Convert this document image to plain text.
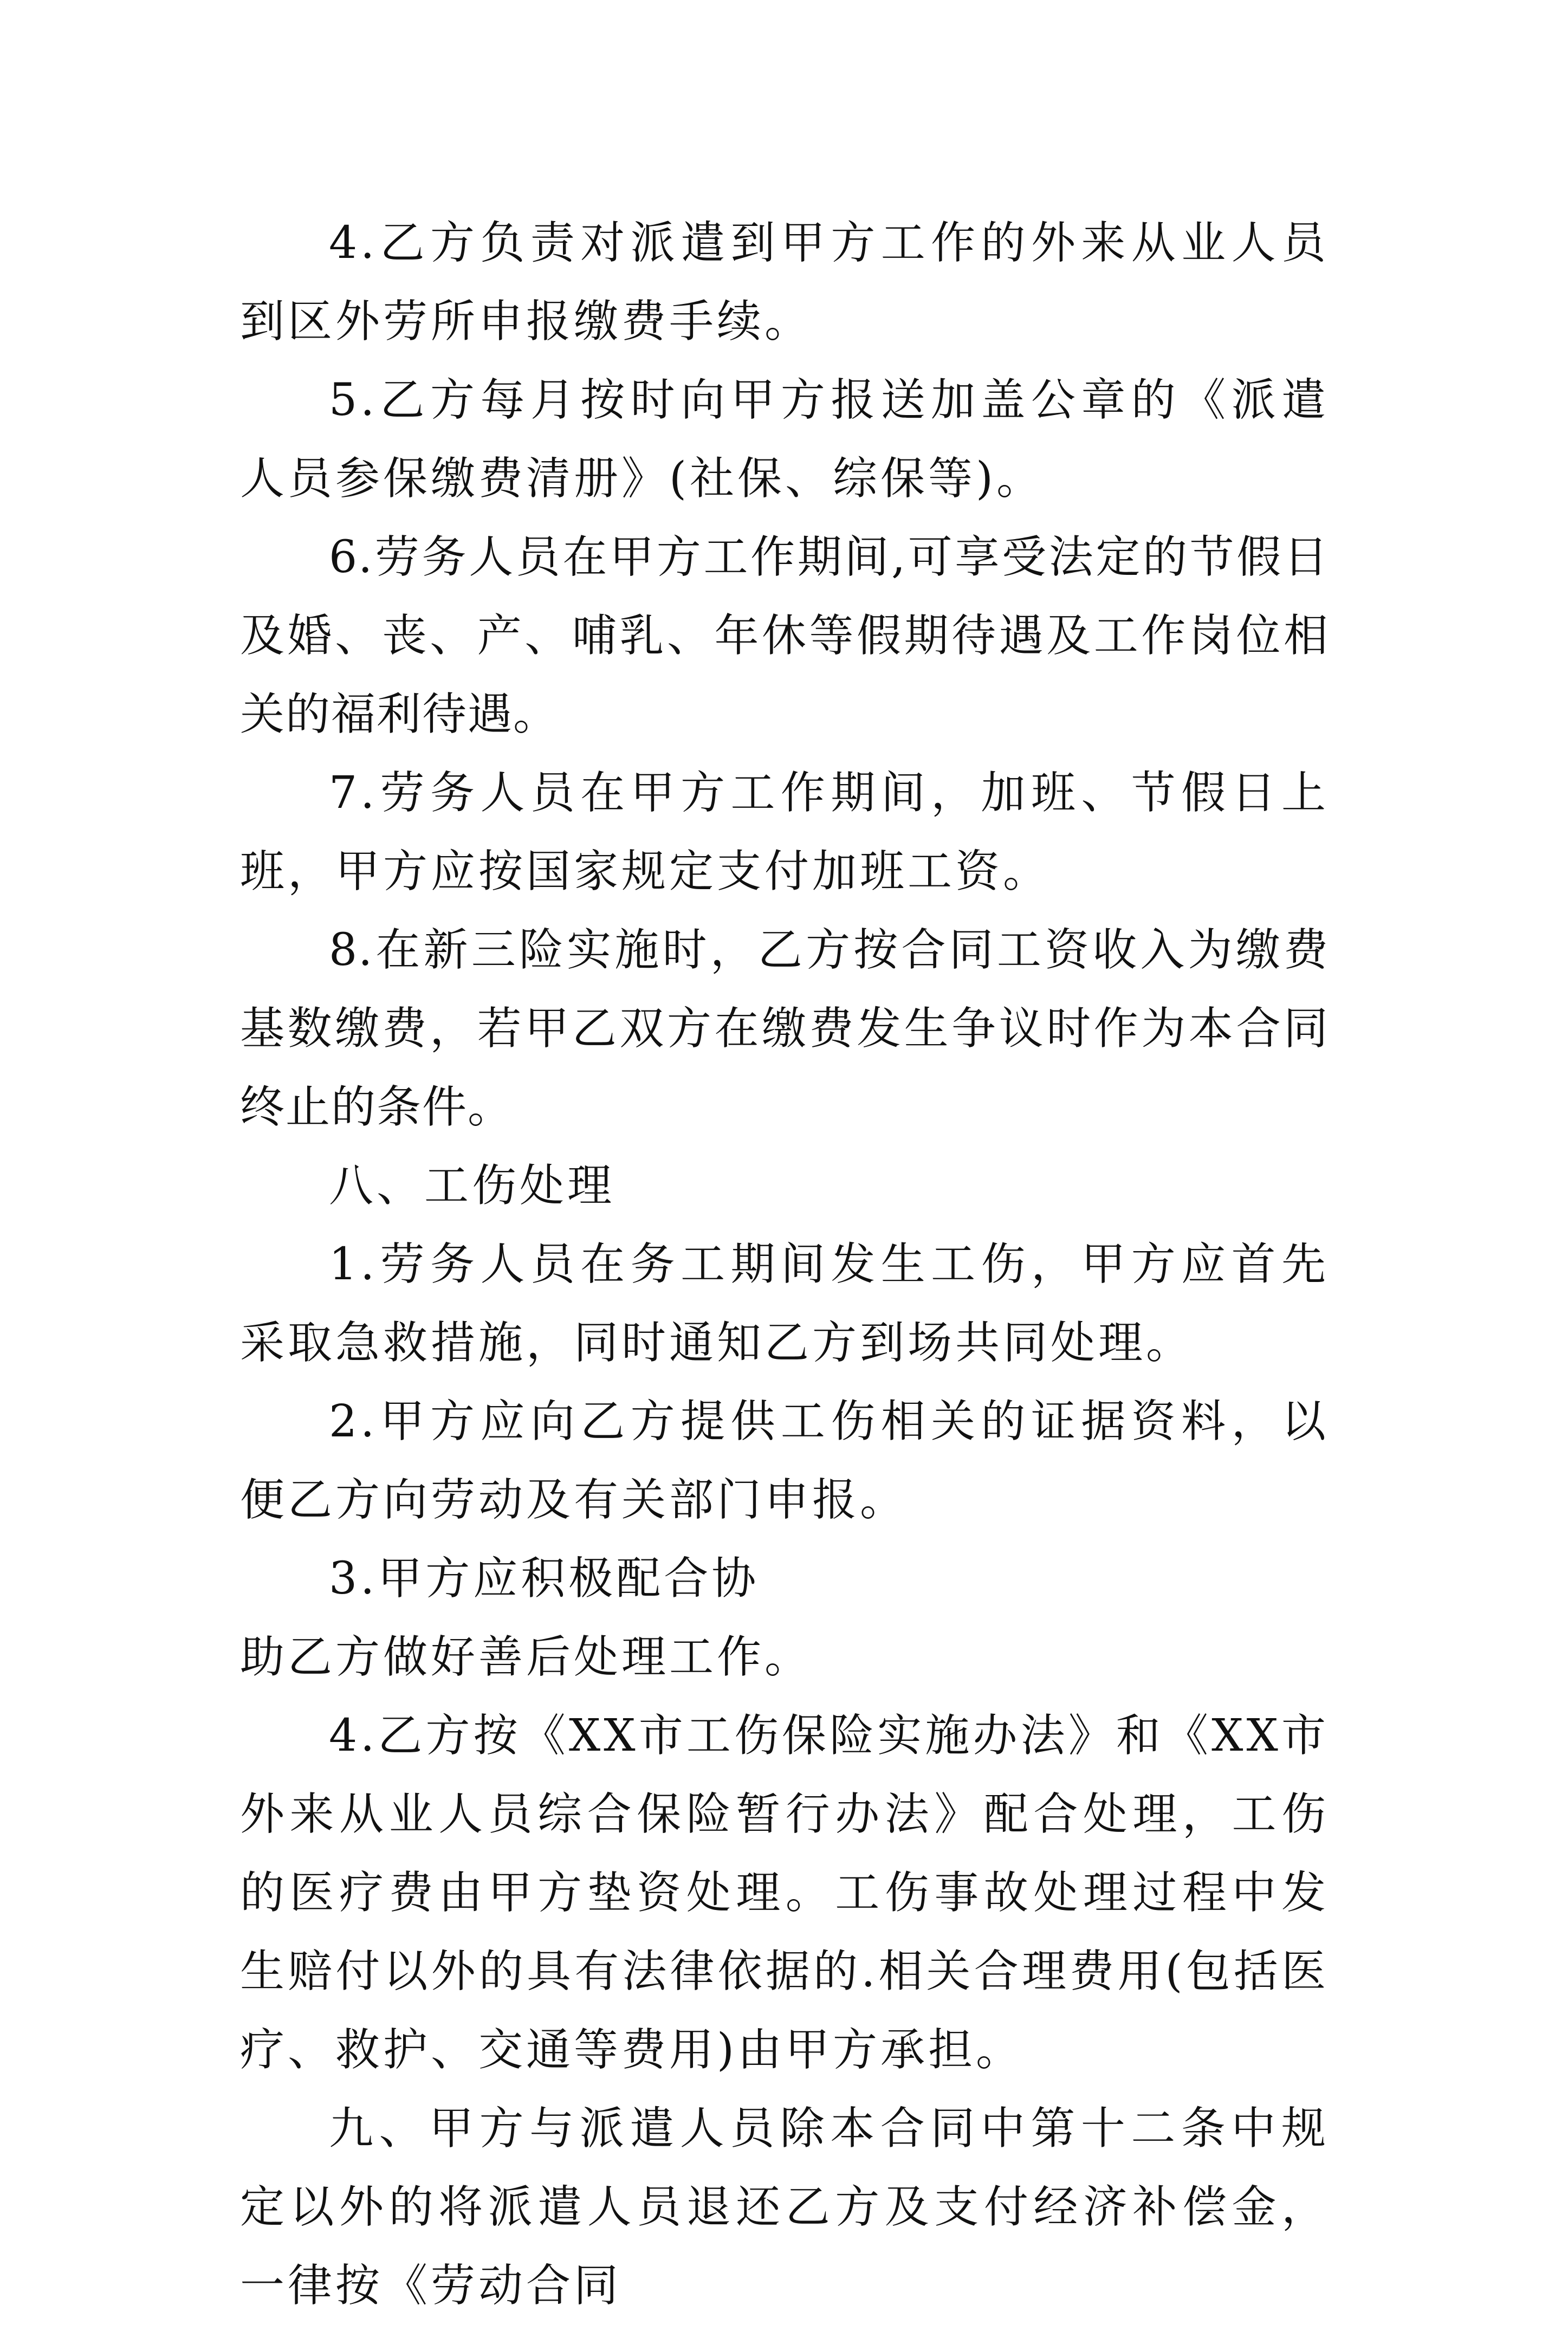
4.乙方负责对派遣到甲方工作的外来从业人员到区外劳所申报缴费手续。

5.乙方每月按时向甲方报送加盖公章的《派遣人员参保缴费清册》(社保、综保等)。

6.劳务人员在甲方工作期间,可享受法定的节假日及婚、丧、产、哺乳、年休等假期待遇及工作岗位相关的福利待遇。

7.劳务人员在甲方工作期间，加班、节假日上班，甲方应按国家规定支付加班工资。

8.在新三险实施时，乙方按合同工资收入为缴费基数缴费，若甲乙双方在缴费发生争议时作为本合同终止的条件。

八、工伤处理

1.劳务人员在务工期间发生工伤，甲方应首先采取急救措施，同时通知乙方到场共同处理。

2.甲方应向乙方提供工伤相关的证据资料，以便乙方向劳动及有关部门申报。

3.甲方应积极配合协

助乙方做好善后处理工作。

4.乙方按《XX市工伤保险实施办法》和《XX市外来从业人员综合保险暂行办法》配合处理，工伤的医疗费由甲方垫资处理。工伤事故处理过程中发生赔付以外的具有法律依据的.相关合理费用(包括医疗、救护、交通等费用)由甲方承担。

九、甲方与派遣人员除本合同中第十二条中规定以外的将派遣人员退还乙方及支付经济补偿金，一律按《劳动合同
